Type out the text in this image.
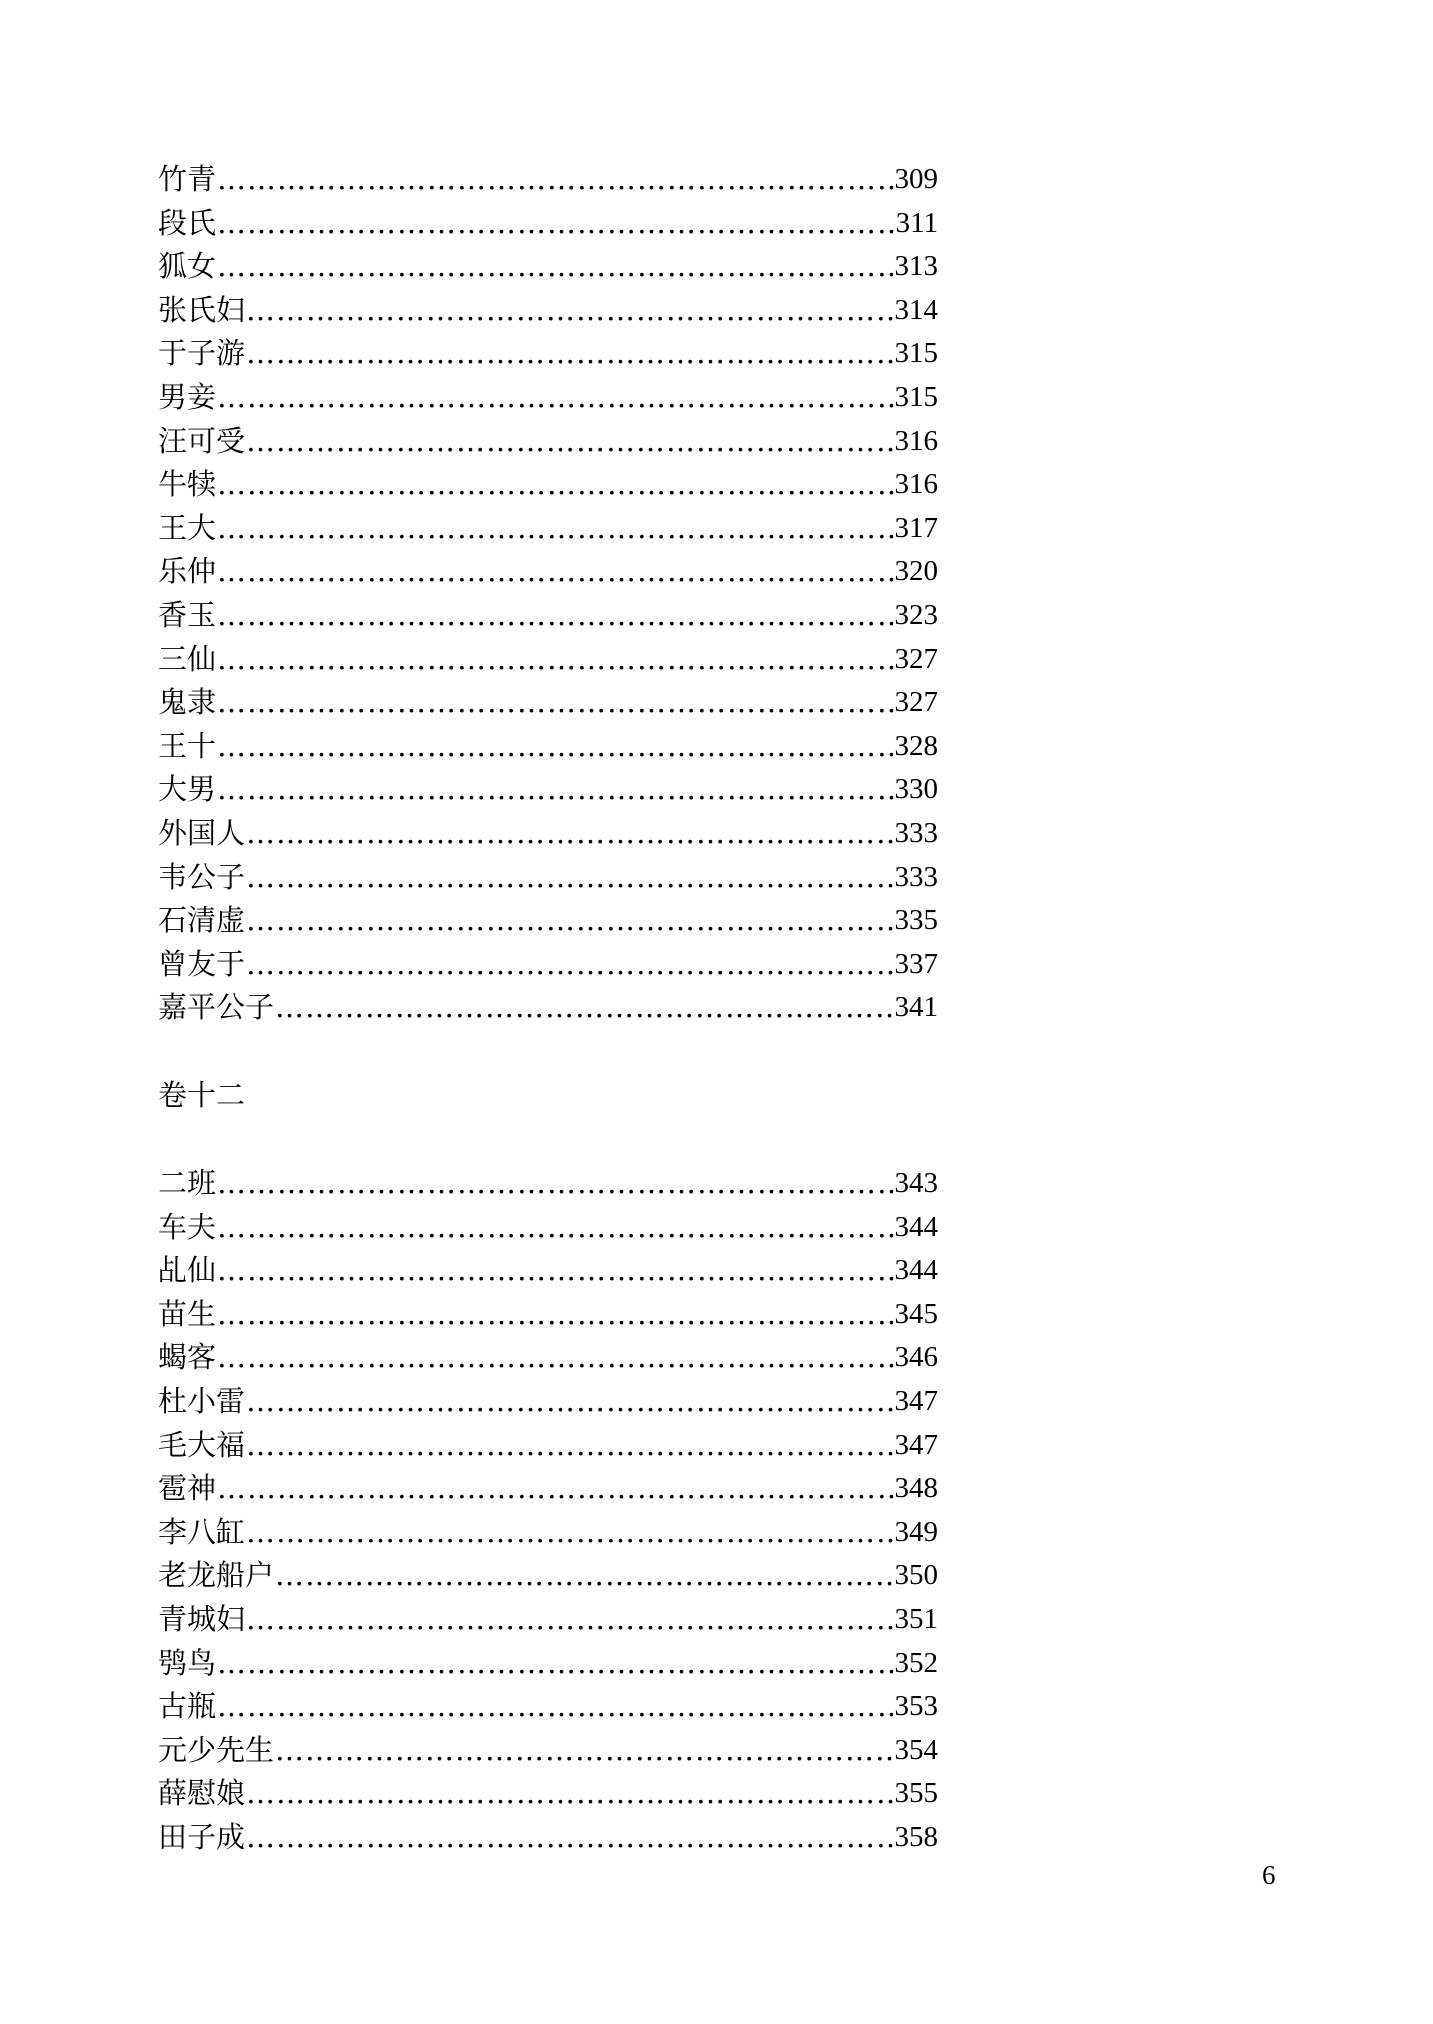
竹青 ……………………………………………………………………………………………………………………………………………………	309
段氏 ……………………………………………………………………………………………………………………………………………………	311
狐女 ……………………………………………………………………………………………………………………………………………………	313
张氏妇 ……………………………………………………………………………………………………………………………………………………	314
于子游 ……………………………………………………………………………………………………………………………………………………	315
男妾 ……………………………………………………………………………………………………………………………………………………	315
汪可受 ……………………………………………………………………………………………………………………………………………………	316
牛犊 ……………………………………………………………………………………………………………………………………………………	316
王大 ……………………………………………………………………………………………………………………………………………………	317
乐仲 ……………………………………………………………………………………………………………………………………………………	320
香玉 ……………………………………………………………………………………………………………………………………………………	323
三仙 ……………………………………………………………………………………………………………………………………………………	327
鬼隶 ……………………………………………………………………………………………………………………………………………………	327
王十 ……………………………………………………………………………………………………………………………………………………	328
大男 ……………………………………………………………………………………………………………………………………………………	330
外国人 ……………………………………………………………………………………………………………………………………………………	333
韦公子 ……………………………………………………………………………………………………………………………………………………	333
石清虚 ……………………………………………………………………………………………………………………………………………………	335
曾友于 ……………………………………………………………………………………………………………………………………………………	337
嘉平公子 ……………………………………………………………………………………………………………………………………………………	341
卷十二
二班 ……………………………………………………………………………………………………………………………………………………	343
车夫 ……………………………………………………………………………………………………………………………………………………	344
乩仙 ……………………………………………………………………………………………………………………………………………………	344
苗生 ……………………………………………………………………………………………………………………………………………………	345
蝎客 ……………………………………………………………………………………………………………………………………………………	346
杜小雷 ……………………………………………………………………………………………………………………………………………………	347
毛大福 ……………………………………………………………………………………………………………………………………………………	347
雹神 ……………………………………………………………………………………………………………………………………………………	348
李八缸 ……………………………………………………………………………………………………………………………………………………	349
老龙船户 ……………………………………………………………………………………………………………………………………………………	350
青城妇 ……………………………………………………………………………………………………………………………………………………	351
鸮鸟 ……………………………………………………………………………………………………………………………………………………	352
古瓶 ……………………………………………………………………………………………………………………………………………………	353
元少先生 ……………………………………………………………………………………………………………………………………………………	354
薛慰娘 ……………………………………………………………………………………………………………………………………………………	355
田子成 ……………………………………………………………………………………………………………………………………………………	358
6
